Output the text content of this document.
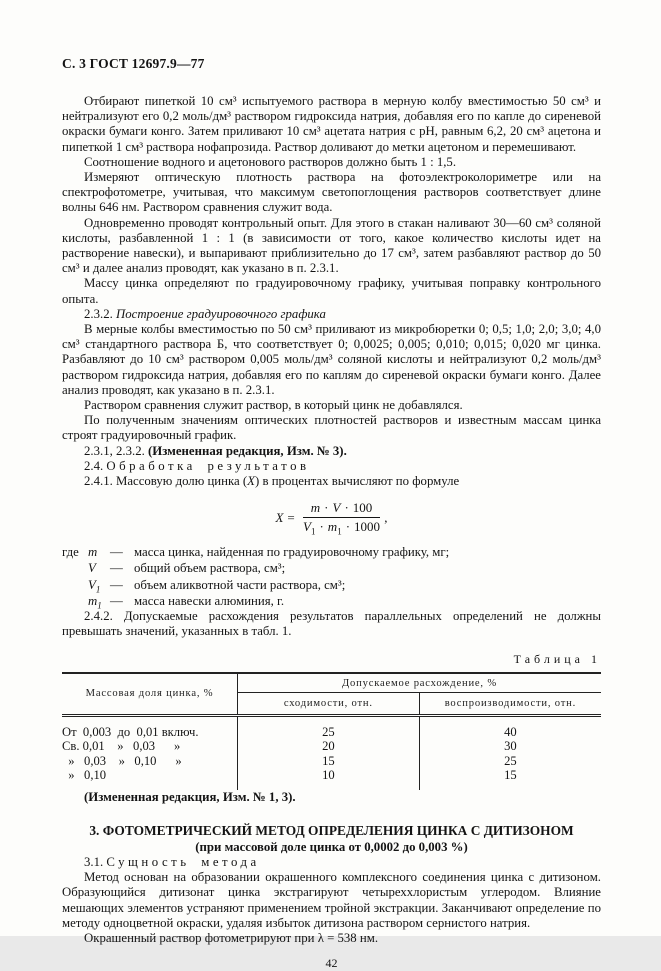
С. 3 ГОСТ 12697.9—77

Отбирают пипеткой 10 см³ испытуемого раствора в мерную колбу вместимостью 50 см³ и нейтрализуют его 0,2 моль/дм³ раствором гидроксида натрия, добавляя его по капле до сиреневой окраски бумаги конго. Затем приливают 10 см³ ацетата натрия с pH, равным 6,2, 20 см³ ацетона и пипеткой 1 см³ раствора нофапрозида. Раствор доливают до метки ацетоном и перемешивают.

Соотношение водного и ацетонового растворов должно быть 1 : 1,5.

Измеряют оптическую плотность раствора на фотоэлектроколориметре или на спектрофотометре, учитывая, что максимум светопоглощения растворов соответствует длине волны 646 нм. Раствором сравнения служит вода.

Одновременно проводят контрольный опыт. Для этого в стакан наливают 30—60 см³ соляной кислоты, разбавленной 1 : 1 (в зависимости от того, какое количество кислоты идет на растворение навески), и выпаривают приблизительно до 17 см³, затем разбавляют раствор до 50 см³ и далее анализ проводят, как указано в п. 2.3.1.

Массу цинка определяют по градуировочному графику, учитывая поправку контрольного опыта.

2.3.2. Построение градуировочного графика

В мерные колбы вместимостью по 50 см³ приливают из микробюретки 0; 0,5; 1,0; 2,0; 3,0; 4,0 см³ стандартного раствора Б, что соответствует 0; 0,0025; 0,005; 0,010; 0,015; 0,020 мг цинка. Разбавляют до 10 см³ раствором 0,005 моль/дм³ соляной кислоты и нейтрализуют 0,2 моль/дм³ раствором гидроксида натрия, добавляя его по каплям до сиреневой окраски бумаги конго. Далее анализ проводят, как указано в п. 2.3.1.

Раствором сравнения служит раствор, в который цинк не добавлялся.

По полученным значениям оптических плотностей растворов и известным массам цинка строят градуировочный график.

2.3.1, 2.3.2. (Измененная редакция, Изм. № 3).

2.4. Обработка результатов

2.4.1. Массовую долю цинка (X) в процентах вычисляют по формуле

$X = \frac{m \cdot V \cdot 100}{V_1 \cdot m_1 \cdot 1000}$ ,
где m — масса цинка, найденная по градуировочному графику, мг;
V	— общий объем раствора, см³;
$V_1$ — объем аликвотной части раствора, см³;
$m_1$ — масса навески алюминия, г.

2.4.2. Допускаемые расхождения результатов параллельных определений не должны превышать значений, указанных в табл. 1.

Таблица 1
Массовая доля цинка, %	Допускаемое расхождение, %	
	сходимости, отн.	воспроизводимости, отн.
От  0,003  до  0,01 включ.	25	40
Св. 0,01    »   0,03      »	20	30
»   0,03    »   0,10      »	15	25
»   0,10	10	15

(Измененная редакция, Изм. № 1, 3).

3. ФОТОМЕТРИЧЕСКИЙ МЕТОД ОПРЕДЕЛЕНИЯ ЦИНКА С ДИТИЗОНОМ

(при массовой доле цинка от 0,0002 до 0,003 %)

3.1. Сущность метода

Метод основан на образовании окрашенного комплексного соединения цинка с дитизоном. Образующийся дитизонат цинка экстрагируют четыреххлористым углеродом. Влияние мешающих элементов устраняют применением тройной экстракции. Заканчивают определение по методу одноцветной окраски, удаляя избыток дитизона раствором сернистого натрия.

Окрашенный раствор фотометрируют при λ = 538 нм.

42
